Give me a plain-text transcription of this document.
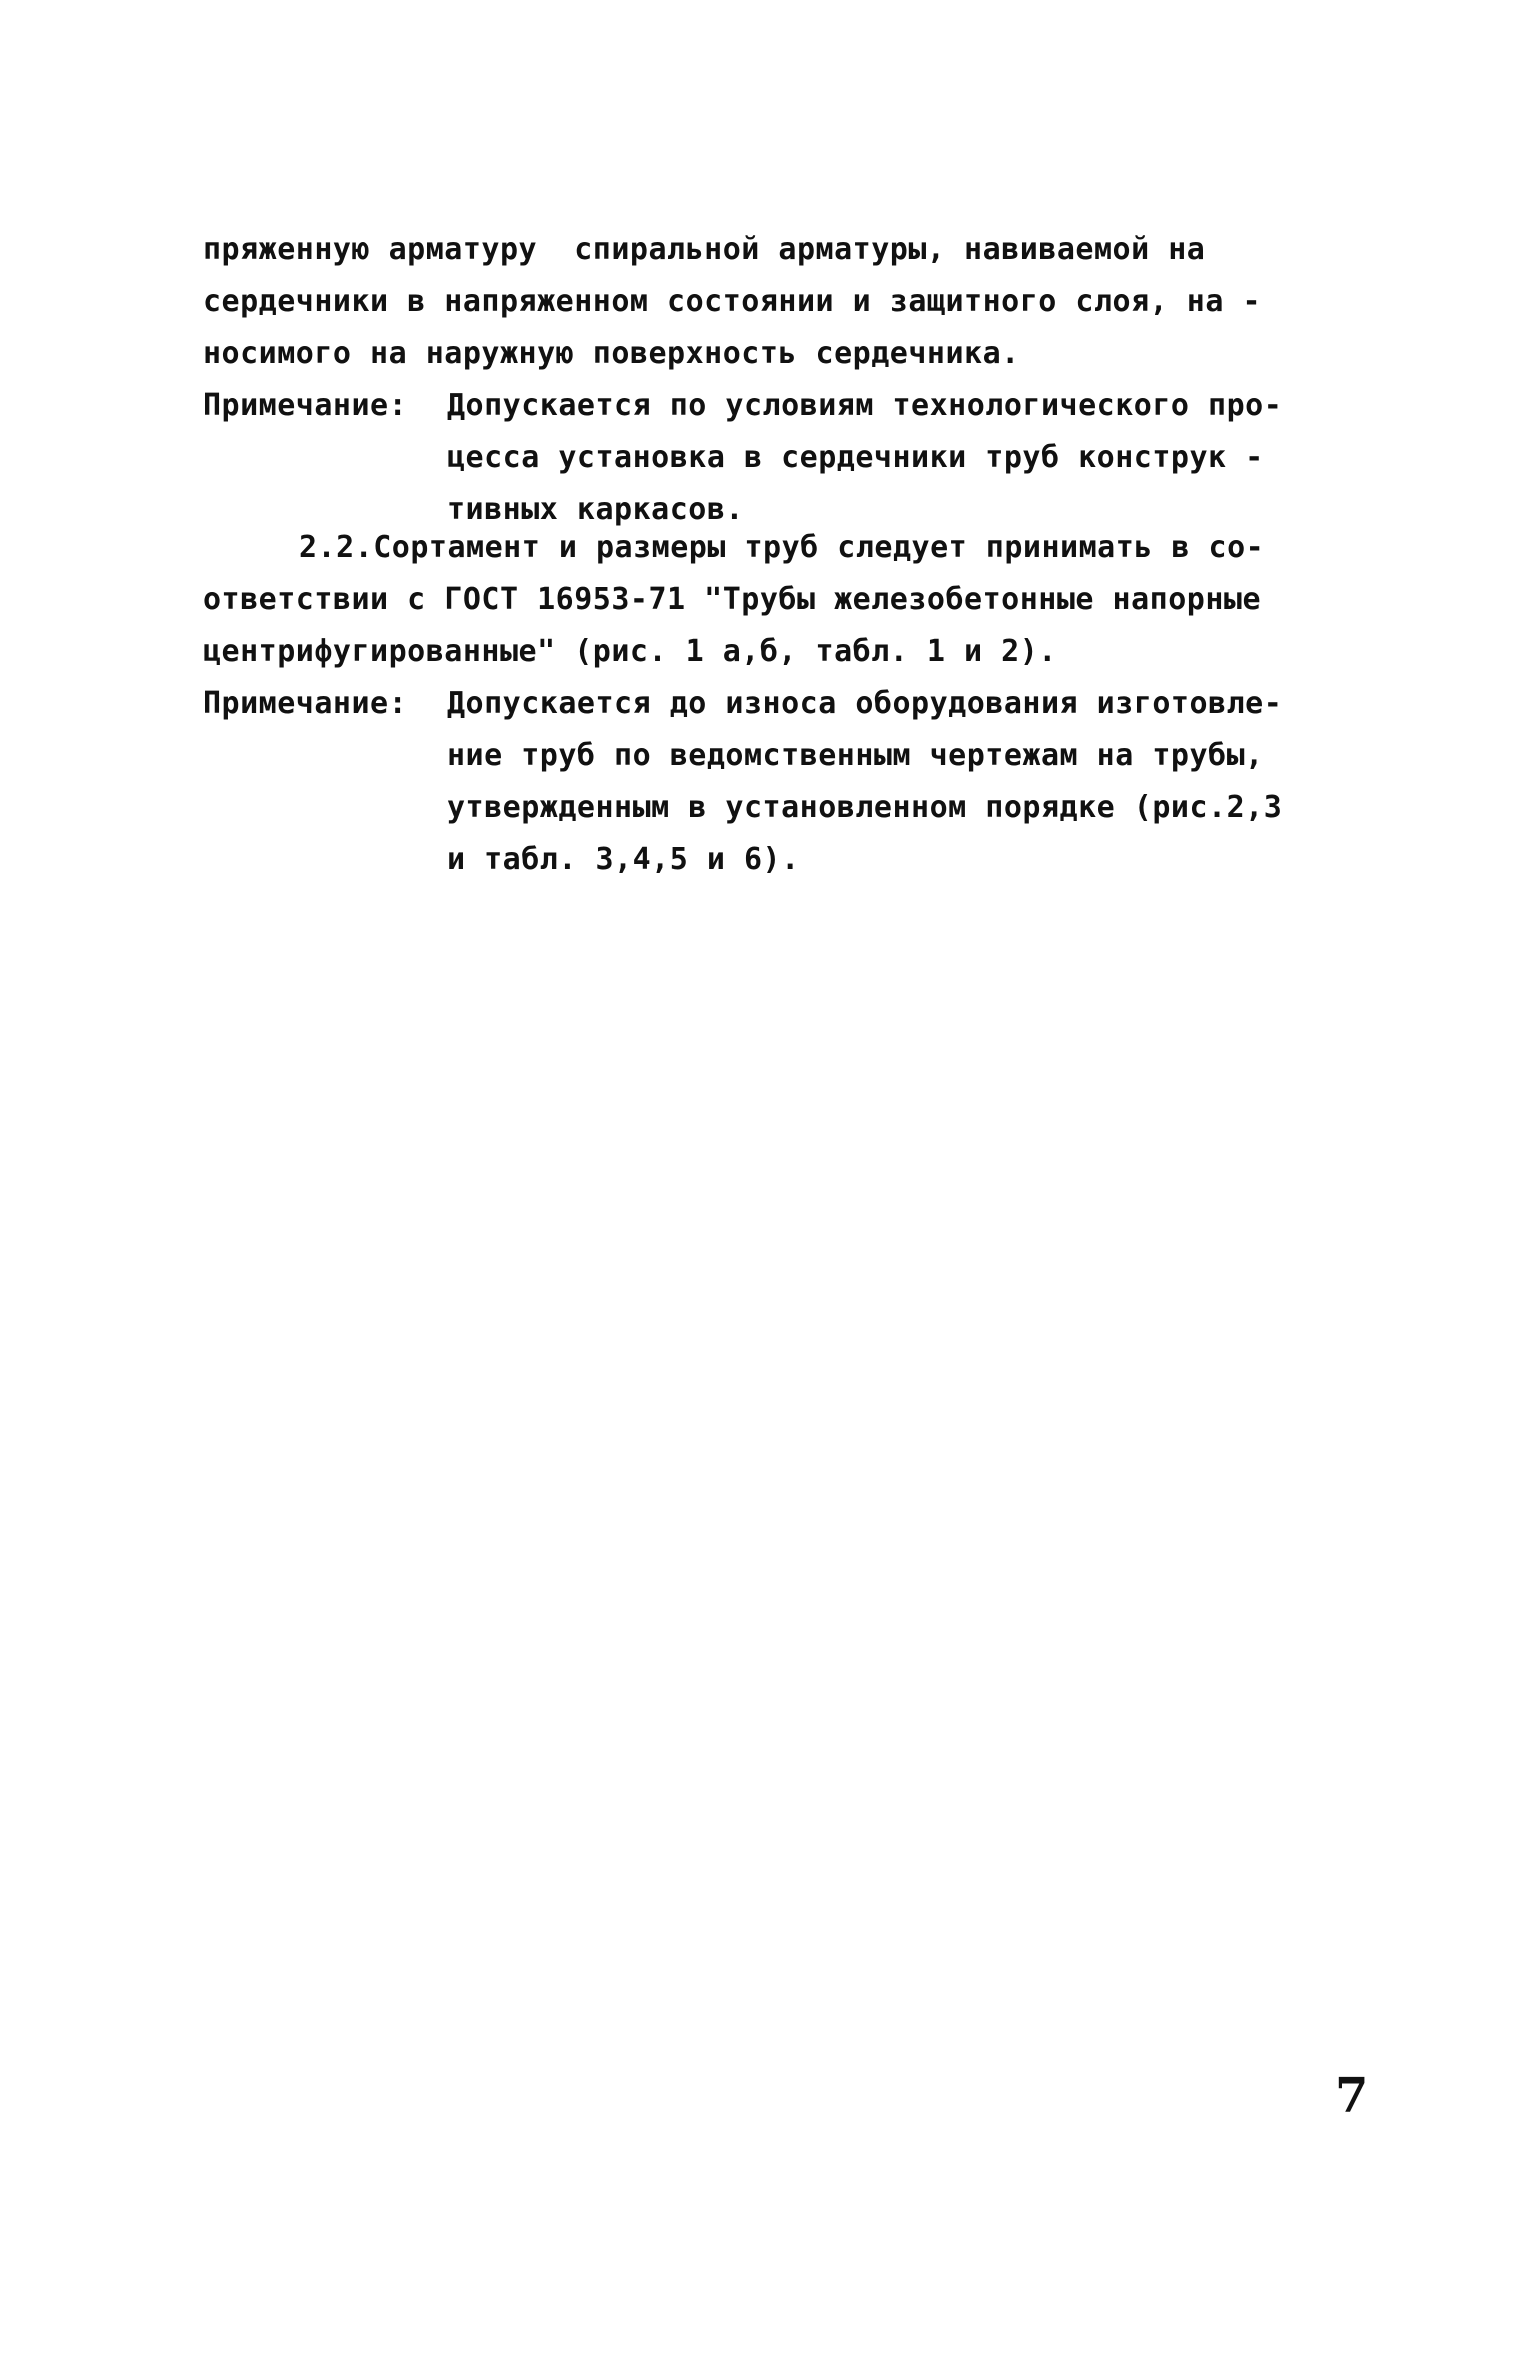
пряженную арматуру  спиральной арматуры, навиваемой на
сердечники в напряженном состоянии и защитного слоя, на -
носимого на наружную поверхность сердечника.
Примечание: Допускается по условиям технологического про-
цесса установка в сердечники труб конструк -
тивных каркасов.
2.2.Сортамент и размеры труб следует принимать в со-
ответствии с ГОСТ 16953-71 "Трубы железобетонные напорные
центрифугированные" (рис. 1 а,б, табл. 1 и 2).
Примечание: Допускается до износа оборудования изготовле-
ние труб по ведомственным чертежам на трубы,
утвержденным в установленном порядке (рис.2,3
и табл. 3,4,5 и 6).
7
